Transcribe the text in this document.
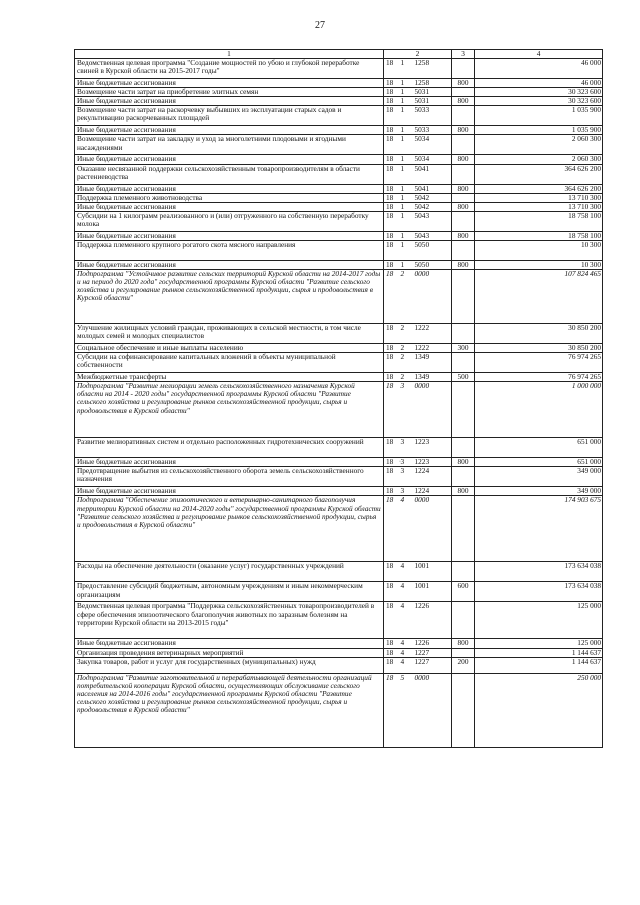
27
1	2			3	4
Ведомственная целевая программа "Создание мощностей по убою и глубокой переработке свиней в Курской области на 2015-2017 годы"	18	1	1258		46 000
Иные бюджетные ассигнования	18	1	1258	800	46 000
Возмещение части затрат на приобретение элитных семян	18	1	5031		30 323 600
Иные бюджетные ассигнования	18	1	5031	800	30 323 600
Возмещение части затрат на раскорчевку выбывших из эксплуатации старых садов и рекультивацию раскорчеванных площадей	18	1	5033		1 035 900
Иные бюджетные ассигнования	18	1	5033	800	1 035 900
Возмещение части затрат на закладку и уход за многолетними плодовыми и ягодными насаждениями	18	1	5034		2 060 300
Иные бюджетные ассигнования	18	1	5034	800	2 060 300
Оказание несвязанной поддержки сельскохозяйственным товаропроизводителям в области растениеводства	18	1	5041		364 626 200
Иные бюджетные ассигнования	18	1	5041	800	364 626 200
Поддержка племенного животноводства	18	1	5042		13 710 300
Иные бюджетные ассигнования	18	1	5042	800	13 710 300
Субсидии на 1 килограмм реализованного и (или) отгруженного на собственную переработку молока	18	1	5043		18 758 100
Иные бюджетные ассигнования	18	1	5043	800	18 758 100
Поддержка племенного крупного рогатого скота мясного направления	18	1	5050		10 300
Иные бюджетные ассигнования	18	1	5050	800	10 300
Подпрограмма "Устойчивое развитие сельских территорий Курской области на 2014-2017 годы и на период до 2020 года" государственной программы Курской области "Развитие сельского хозяйства и регулирование рынков сельскохозяйственной продукции, сырья и продовольствия в Курской области"	18	2	0000		107 824 465
Улучшение жилищных условий граждан, проживающих в сельской местности, в том числе молодых семей и молодых специалистов	18	2	1222		30 850 200
Социальное обеспечение и иные выплаты населению	18	2	1222	300	30 850 200
Субсидии на софинансирование капитальных вложений в объекты муниципальной собственности	18	2	1349		76 974 265
Межбюджетные трансферты	18	2	1349	500	76 974 265
Подпрограмма "Развитие мелиорации земель сельскохозяйственного назначения Курской области на 2014 - 2020 годы" государственной программы Курской области "Развитие сельского хозяйства и регулирование рынков сельскохозяйственной продукции, сырья и продовольствия в Курской области"	18	3	0000		1 000 000
Развитие мелиоративных систем и отдельно расположенных гидротехнических сооружений	18	3	1223		651 000
Иные бюджетные ассигнования	18	3	1223	800	651 000
Предотвращение выбытия из сельскохозяйственного оборота земель сельскохозяйственного назначения	18	3	1224		349 000
Иные бюджетные ассигнования	18	3	1224	800	349 000
Подпрограмма "Обеспечение эпизоотического и ветеринарно-санитарного благополучия территории Курской области на 2014-2020 годы" государственной программы Курской области "Развитие сельского хозяйства и регулирование рынков сельскохозяйственной продукции, сырья и продовольствия в Курской области"	18	4	0000		174 903 675
Расходы на обеспечение деятельности (оказание услуг) государственных учреждений	18	4	1001		173 634 038
Предоставление субсидий бюджетным, автономным учреждениям и иным некоммерческим организациям	18	4	1001	600	173 634 038
Ведомственная целевая программа "Поддержка сельскохозяйственных товаропроизводителей в сфере обеспечения эпизоотического благополучия животных по заразным болезням на территории Курской области на 2013-2015 годы"	18	4	1226		125 000
Иные бюджетные ассигнования	18	4	1226	800	125 000
Организация проведения ветеринарных мероприятий	18	4	1227		1 144 637
Закупка товаров, работ и услуг для государственных (муниципальных) нужд	18	4	1227	200	1 144 637
Подпрограмма "Развитие заготовительной и перерабатывающей деятельности организаций потребительской кооперации Курской области, осуществляющих обслуживание сельского населения на 2014-2016 годы" государственной программы Курской области "Развитие сельского хозяйства и регулирование рынков сельскохозяйственной продукции, сырья и продовольствия в Курской области"	18	5	0000		250 000
·
